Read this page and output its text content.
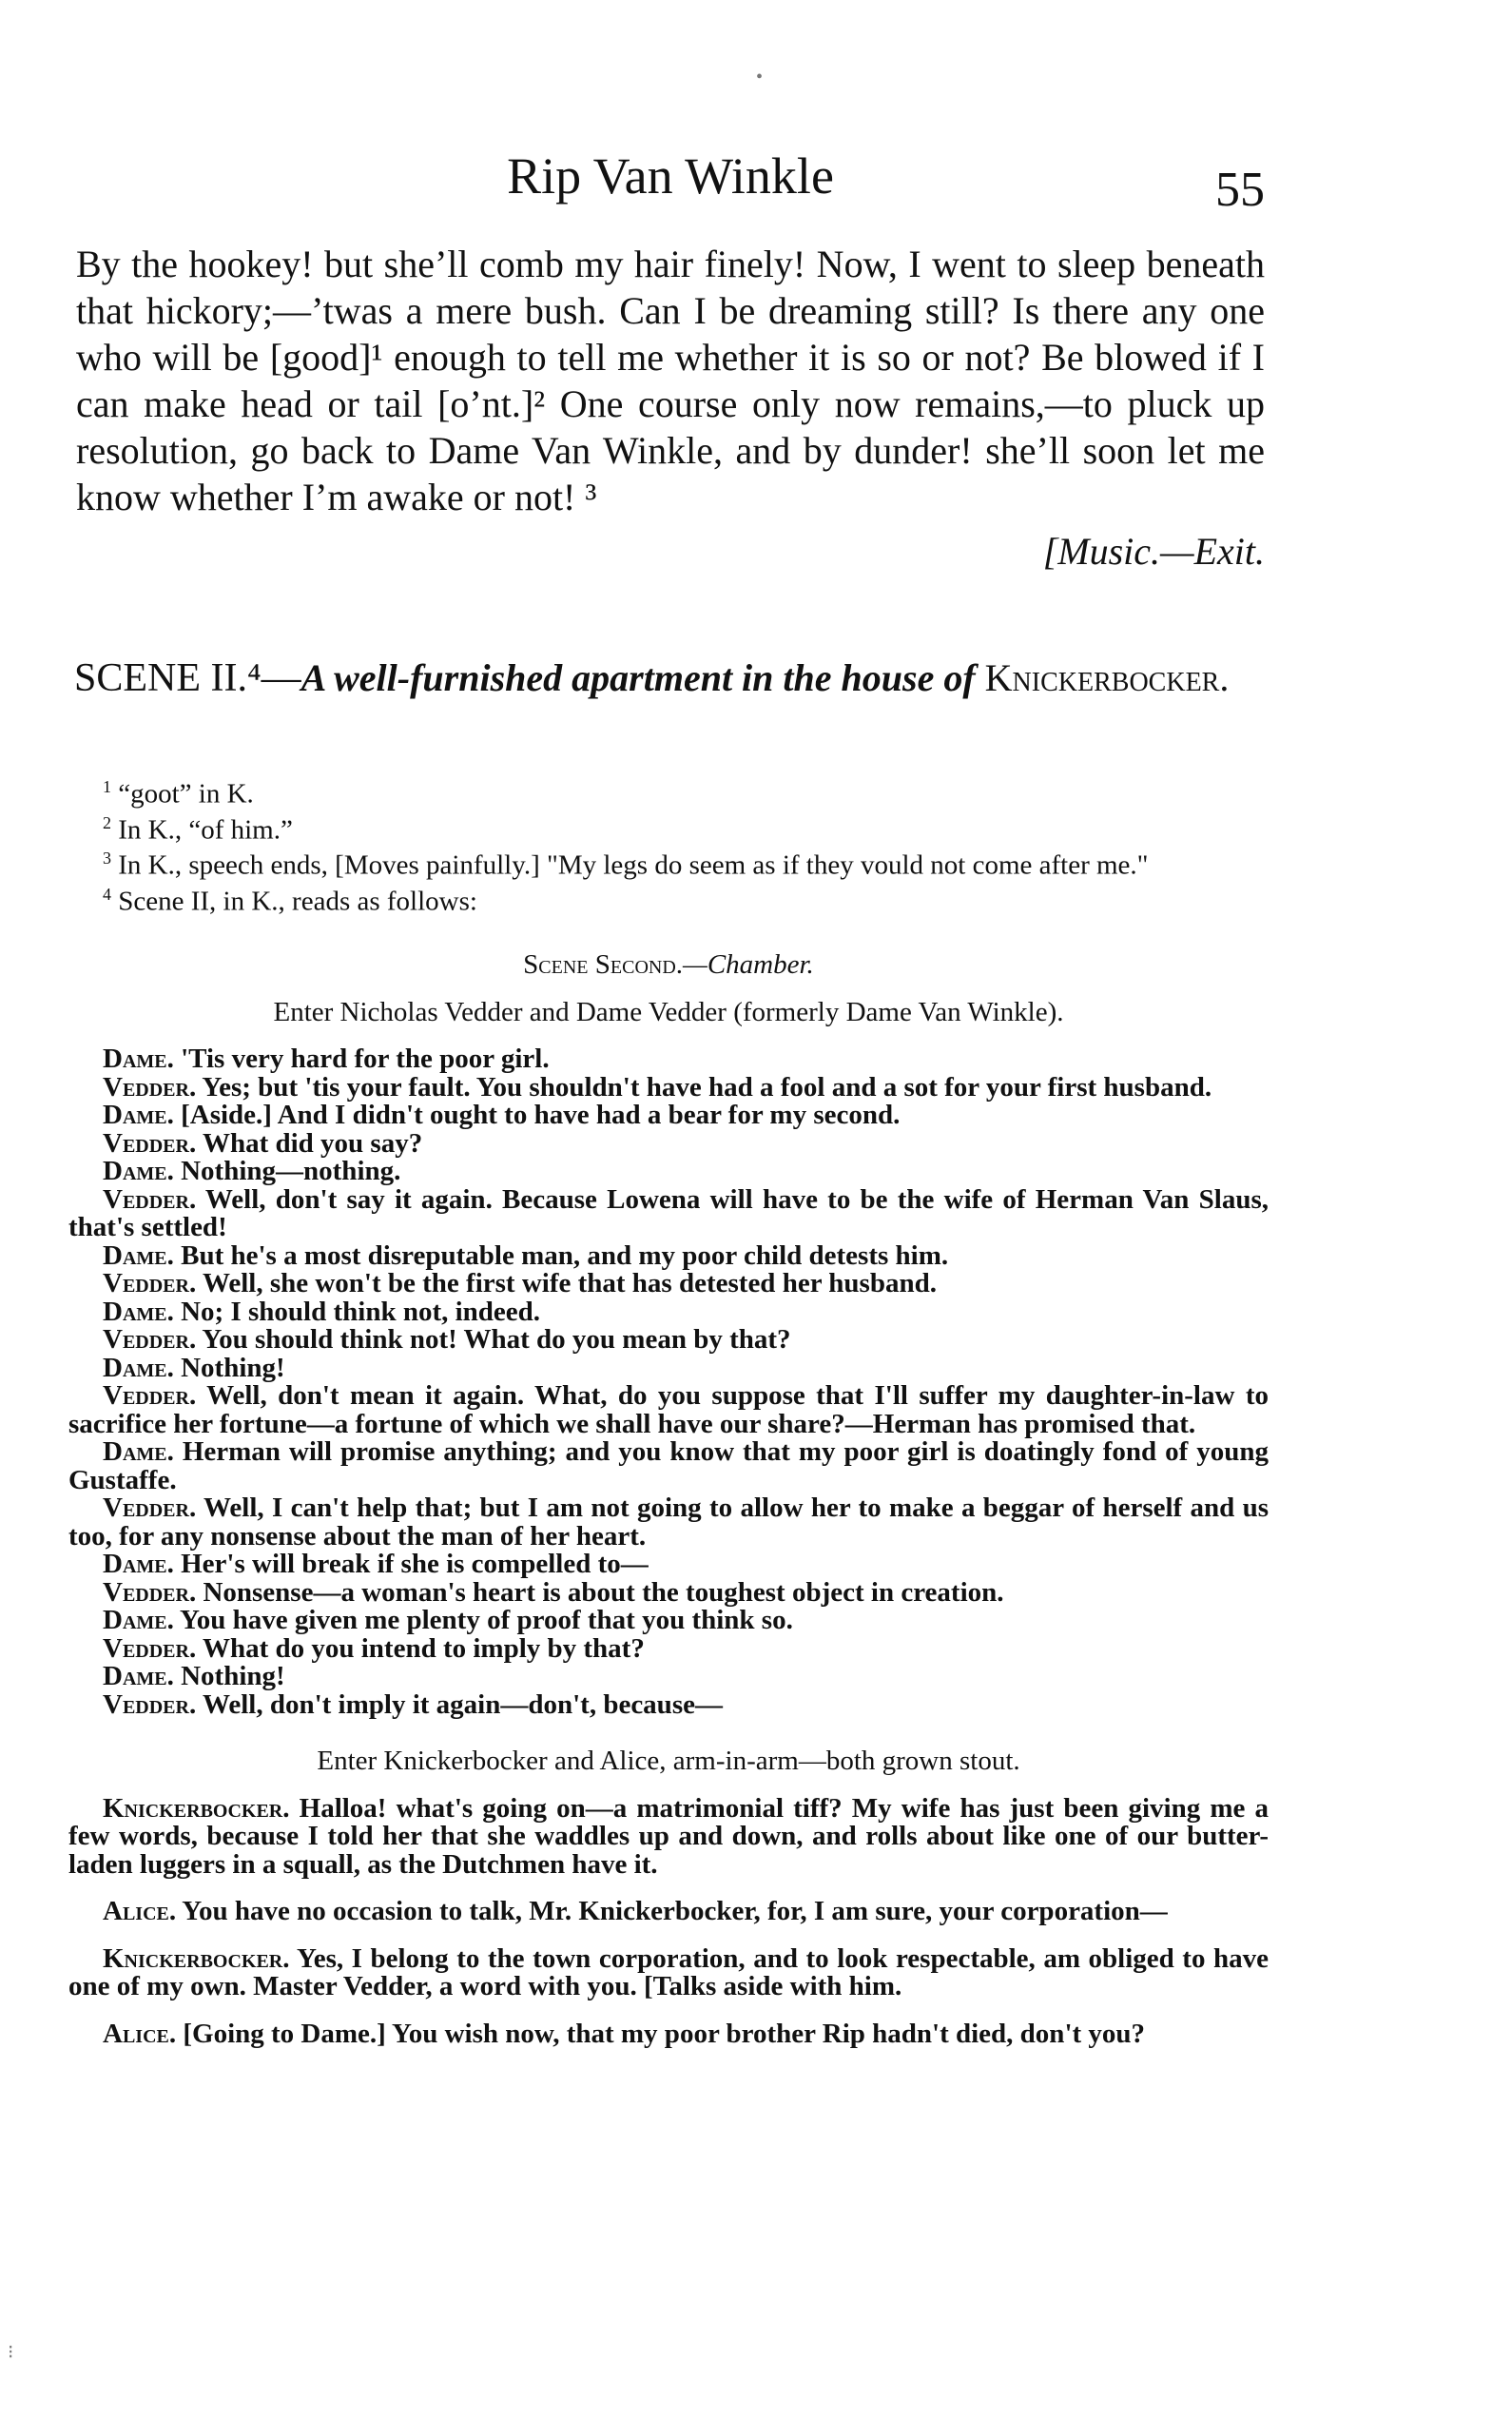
Rip Van Winkle	55

By the hookey! but she’ll comb my hair finely! Now, I went to sleep beneath that hickory;—’twas a mere bush. Can I be dreaming still? Is there any one who will be [good]¹ enough to tell me whether it is so or not? Be blowed if I can make head or tail [o’nt.]² One course only now remains,—to pluck up resolution, go back to Dame Van Winkle, and by dunder! she’ll soon let me know whether I’m awake or not! ³

[Music.—Exit.

SCENE II.⁴—A well-furnished apartment in the house of Knickerbocker.

$^1$ “goot” in K.

$^2$ In K., “of him.”

$^3$ In K., speech ends, [Moves painfully.] "My legs do seem as if they vould not come after me."

$^4$ Scene II, in K., reads as follows:

Scene Second.—Chamber.

Enter Nicholas Vedder and Dame Vedder (formerly Dame Van Winkle).

Dame. 'Tis very hard for the poor girl.

Vedder. Yes; but 'tis your fault. You shouldn't have had a fool and a sot for your first husband.

Dame. [Aside.] And I didn't ought to have had a bear for my second.

Vedder. What did you say?

Dame. Nothing—nothing.

Vedder. Well, don't say it again. Because Lowena will have to be the wife of Herman Van Slaus, that's settled!

Dame. But he's a most disreputable man, and my poor child detests him.

Vedder. Well, she won't be the first wife that has detested her husband.

Dame. No; I should think not, indeed.

Vedder. You should think not! What do you mean by that?

Dame. Nothing!

Vedder. Well, don't mean it again. What, do you suppose that I'll suffer my daughter-in-law to sacrifice her fortune—a fortune of which we shall have our share?—Herman has promised that.

Dame. Herman will promise anything; and you know that my poor girl is doatingly fond of young Gustaffe.

Vedder. Well, I can't help that; but I am not going to allow her to make a beggar of herself and us too, for any nonsense about the man of her heart.

Dame. Her's will break if she is compelled to—

Vedder. Nonsense—a woman's heart is about the toughest object in creation.

Dame. You have given me plenty of proof that you think so.

Vedder. What do you intend to imply by that?

Dame. Nothing!

Vedder. Well, don't imply it again—don't, because—

Enter Knickerbocker and Alice, arm-in-arm—both grown stout.

Knickerbocker. Halloa! what's going on—a matrimonial tiff? My wife has just been giving me a few words, because I told her that she waddles up and down, and rolls about like one of our butter-laden luggers in a squall, as the Dutchmen have it.

Alice. You have no occasion to talk, Mr. Knickerbocker, for, I am sure, your corporation—

Knickerbocker. Yes, I belong to the town corporation, and to look respectable, am obliged to have one of my own. Master Vedder, a word with you. [Talks aside with him.

Alice. [Going to Dame.] You wish now, that my poor brother Rip hadn't died, don't you?

•
⁝
